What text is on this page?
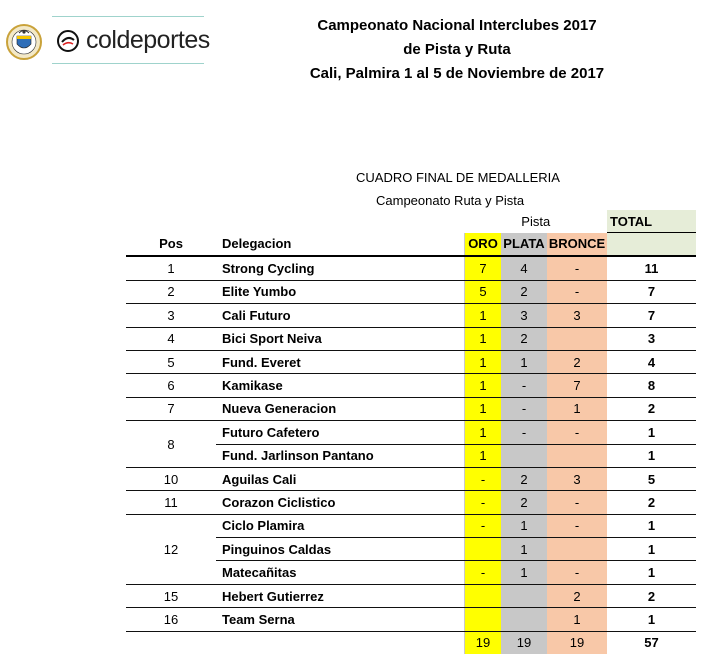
coldeportes
Campeonato Nacional Interclubes 2017
de Pista y Ruta
Cali, Palmira 1 al 5 de Noviembre de 2017
CUADRO FINAL DE MEDALLERIA
Campeonato Ruta y Pista
		Pista			TOTAL
Pos	Delegacion	ORO	PLATA	BRONCE	
1	Strong Cycling	7	4	-	11
2	Elite Yumbo	5	2	-	7
3	Cali Futuro	1	3	3	7
4	Bici Sport Neiva	1	2		3
5	Fund. Everet	1	1	2	4
6	Kamikase	1	-	7	8
7	Nueva Generacion	1	-	1	2
8	Futuro Cafetero	1	-	-	1
	Fund. Jarlinson Pantano	1			1
10	Aguilas Cali	-	2	3	5
11	Corazon Ciclistico	-	2	-	2
12	Ciclo Plamira	-	1	-	1
	Pinguinos Caldas		1		1
	Matecañitas	-	1	-	1
15	Hebert Gutierrez			2	2
16	Team Serna			1	1
		19	19	19	57
